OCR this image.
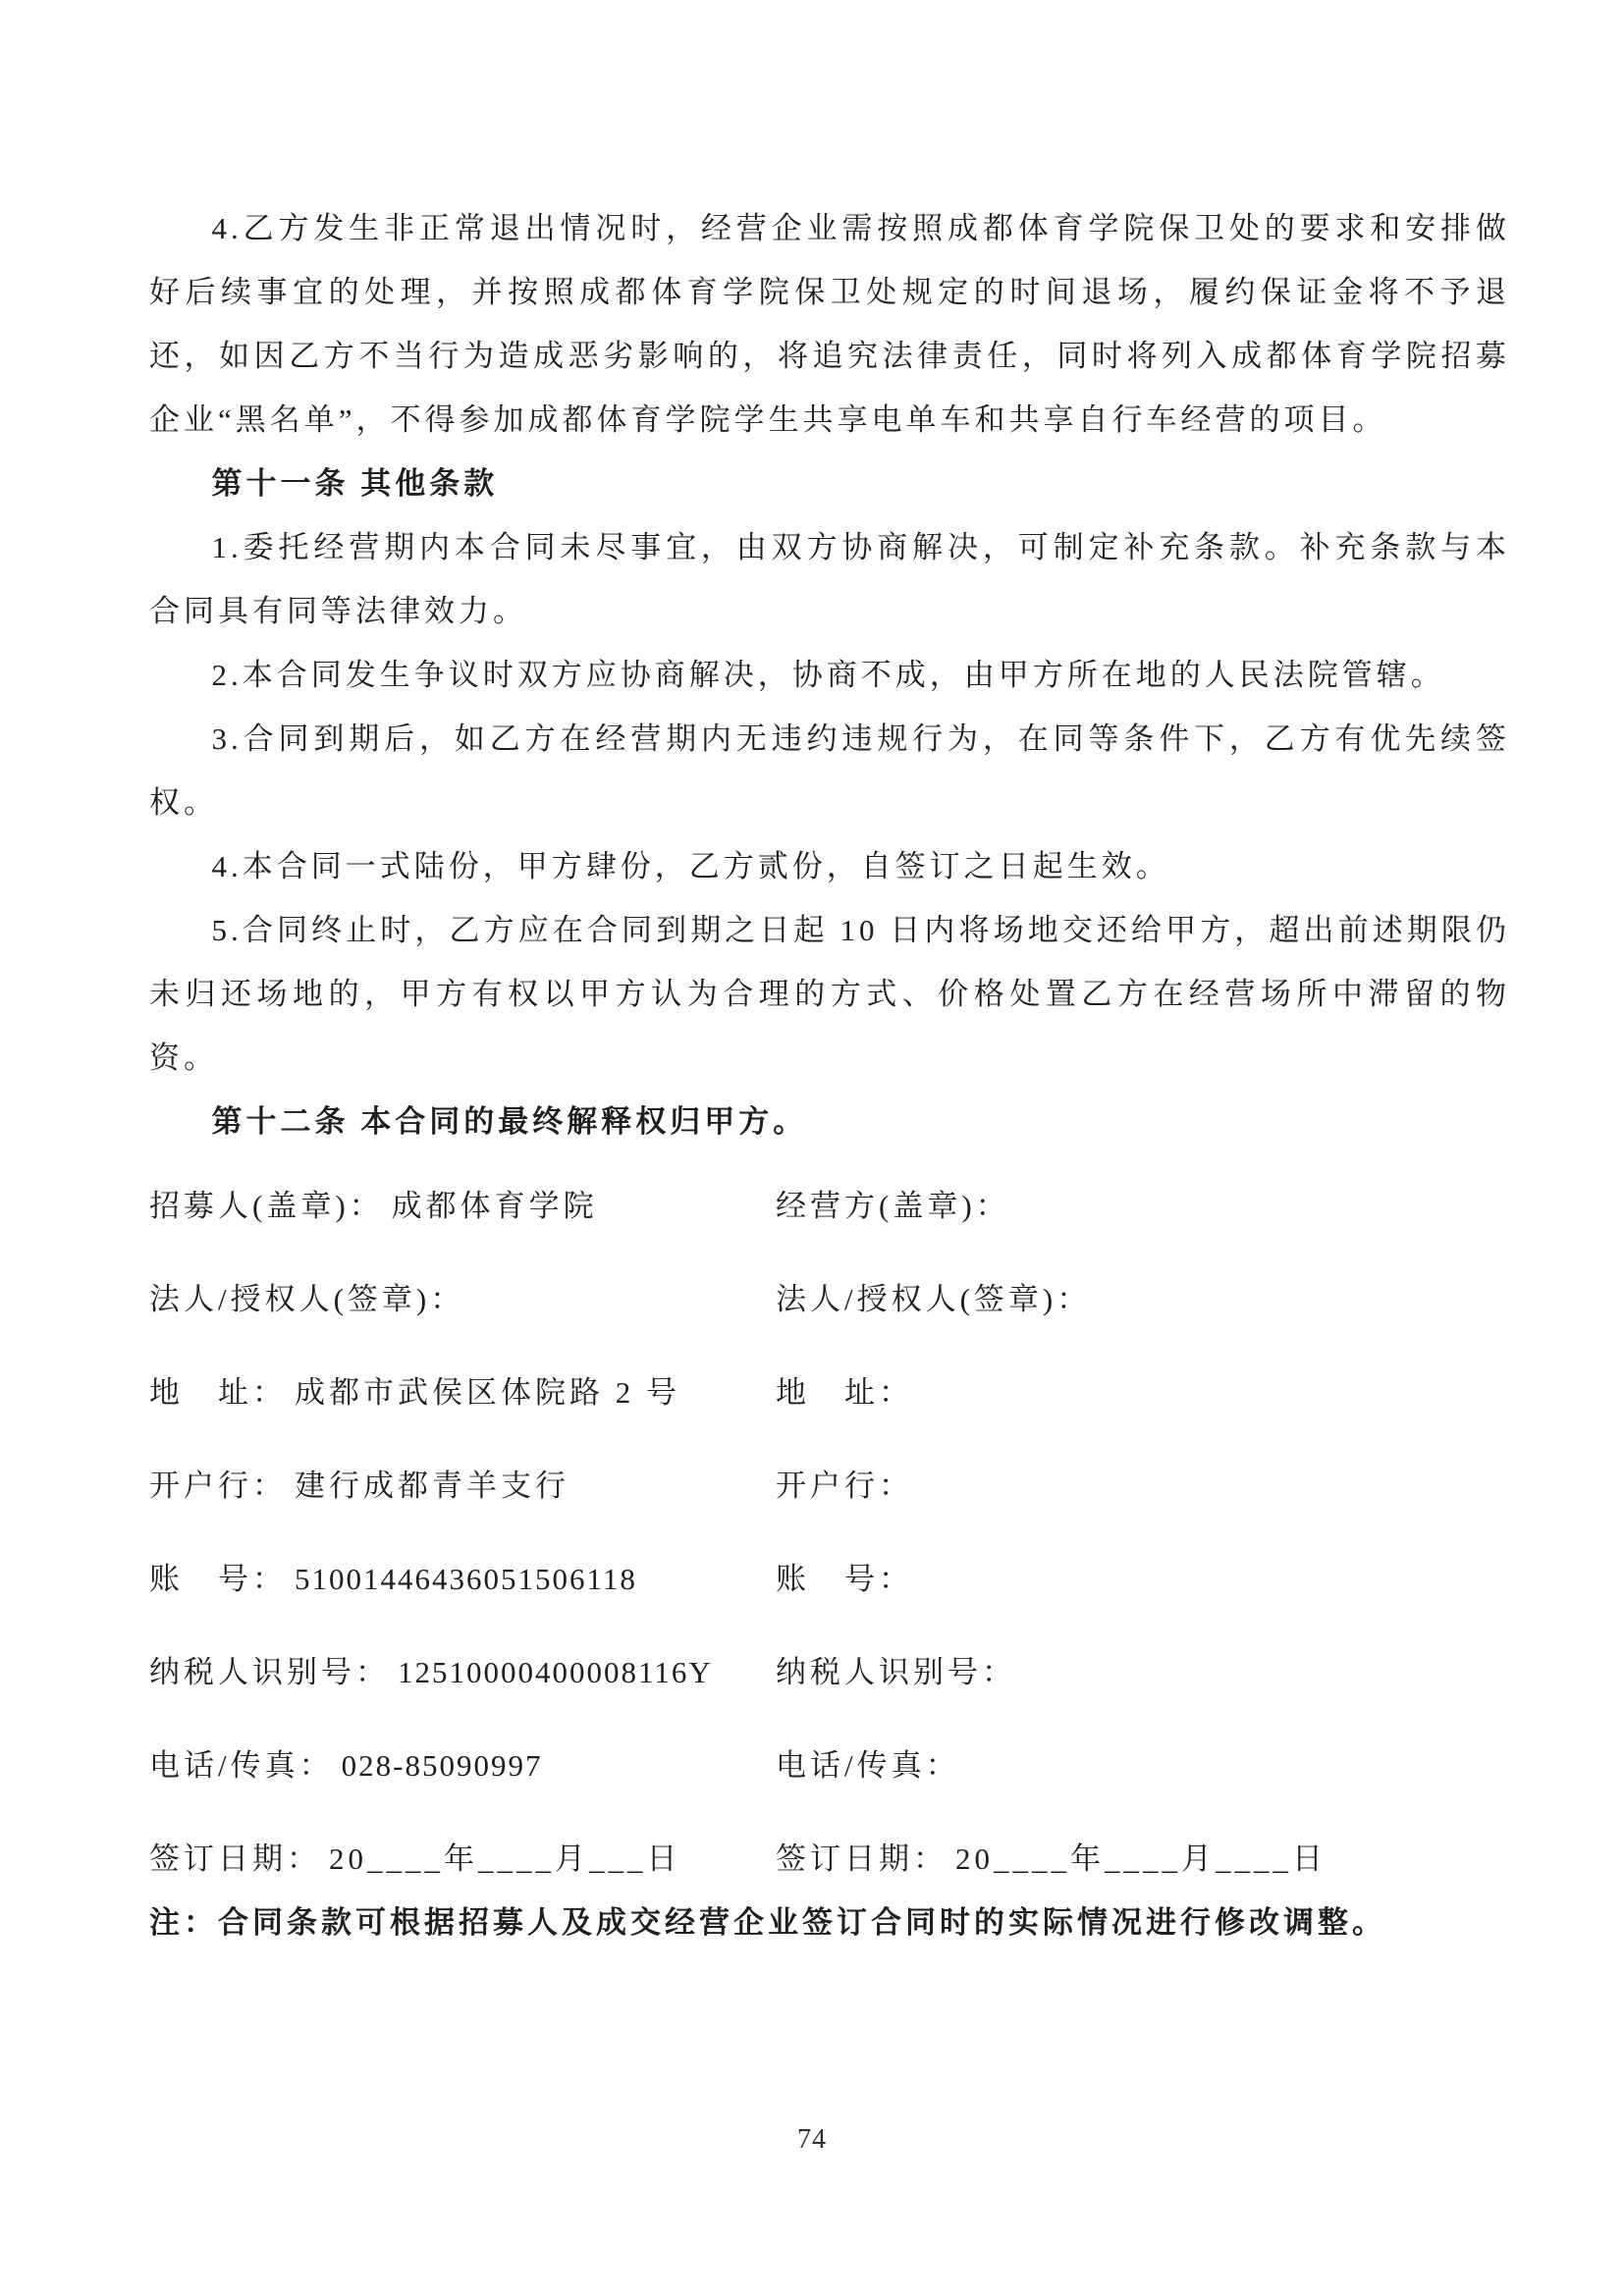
4.乙方发生非正常退出情况时，经营企业需按照成都体育学院保卫处的要求和安排做好后续事宜的处理，并按照成都体育学院保卫处规定的时间退场，履约保证金将不予退还，如因乙方不当行为造成恶劣影响的，将追究法律责任，同时将列入成都体育学院招募企业“黑名单”，不得参加成都体育学院学生共享电单车和共享自行车经营的项目。

第十一条 其他条款

1.委托经营期内本合同未尽事宜，由双方协商解决，可制定补充条款。补充条款与本合同具有同等法律效力。

2.本合同发生争议时双方应协商解决，协商不成，由甲方所在地的人民法院管辖。

3.合同到期后，如乙方在经营期内无违约违规行为，在同等条件下，乙方有优先续签权。

4.本合同一式陆份，甲方肆份，乙方贰份，自签订之日起生效。

5.合同终止时，乙方应在合同到期之日起 10 日内将场地交还给甲方，超出前述期限仍未归还场地的，甲方有权以甲方认为合理的方式、价格处置乙方在经营场所中滞留的物资。

第十二条 本合同的最终解释权归甲方。

招募人(盖章)： 成都体育学院	经营方(盖章)：
法人/授权人(签章)：	法人/授权人(签章)：
地　址： 成都市武侯区体院路 2 号	地　址：
开户行： 建行成都青羊支行	开户行：
账　号： 51001446436051506118	账　号：
纳税人识别号： 12510000400008116Y	纳税人识别号：
电话/传真： 028-85090997	电话/传真：
签订日期： 20____年____月___日	签订日期： 20____年____月____日

注：合同条款可根据招募人及成交经营企业签订合同时的实际情况进行修改调整。

74
